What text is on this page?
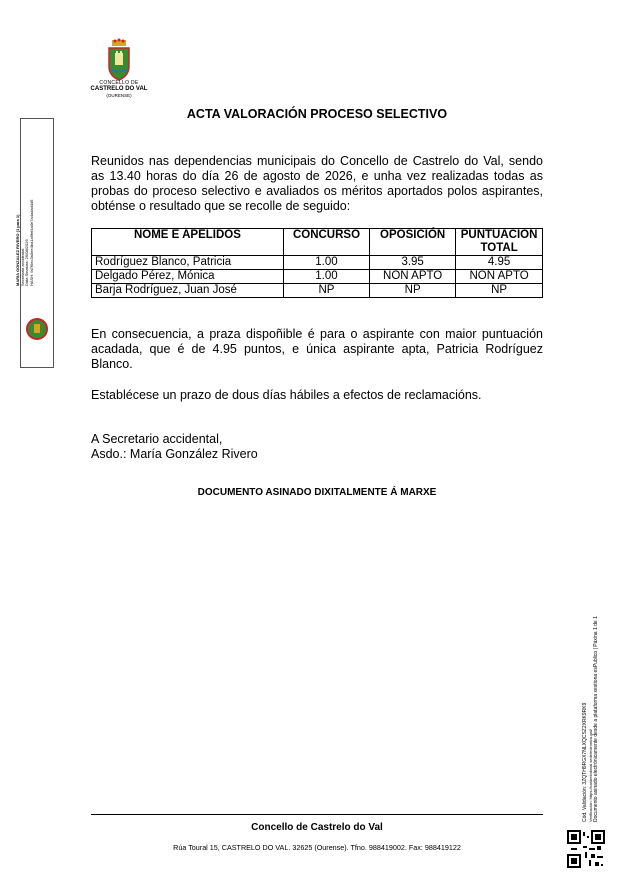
CONCELLO DE
CASTRELO DO VAL
(OURENSE)
ACTA VALORACIÓN PROCESO SELECTIVO
Reunidos nas dependencias municipais do Concello de Castrelo do Val, sendo as 13.40 horas do día 26 de agosto de 2026, e unha vez realizadas todas as probas do proceso selectivo e avaliados os méritos aportados polos aspirantes, obténse o resultado que se recolle de seguido:
NOME E APELIDOS	CONCURSO	OPOSICIÓN	PUNTUACION TOTAL
Rodríguez Blanco, Patricia	1.00	3.95	4.95
Delgado Pérez, Mónica	1.00	NON APTO	NON APTO
Barja Rodríguez, Juan José	NP	NP	NP
En consecuencia, a praza dispoñible é para o aspirante con maior puntuación acadada, que é de 4.95 puntos, e única aspirante apta, Patricia Rodríguez Blanco.
Establécese un prazo de dous días hábiles a efectos de reclamacións.
A Secretario accidental,
Asdo.: María González Rivero
DOCUMENTO ASINADO DIXITALMENTE Á MARXE
MARIA GONZALEZ RIVERO (1 para 1) Secretaria accidental Data Sinatura: 26/08/2026 HASH: fa7f5ec3a0ee4ba1a9fef4a0e7a4adad4d5
Cód. Validación: 3ZQTH9RGX7NLXQCSZ2XRK9RK9 Verificación: https://castrelodoval.sedelectronica.gal/ Documento asinado electrónicamente desde a plataforma xestiona esPublico | Páxina 1 de 1
Concello de Castrelo do Val
Rúa Toural 15, CASTRELO DO VAL. 32625 (Ourense). Tfno. 988419002. Fax: 988419122
